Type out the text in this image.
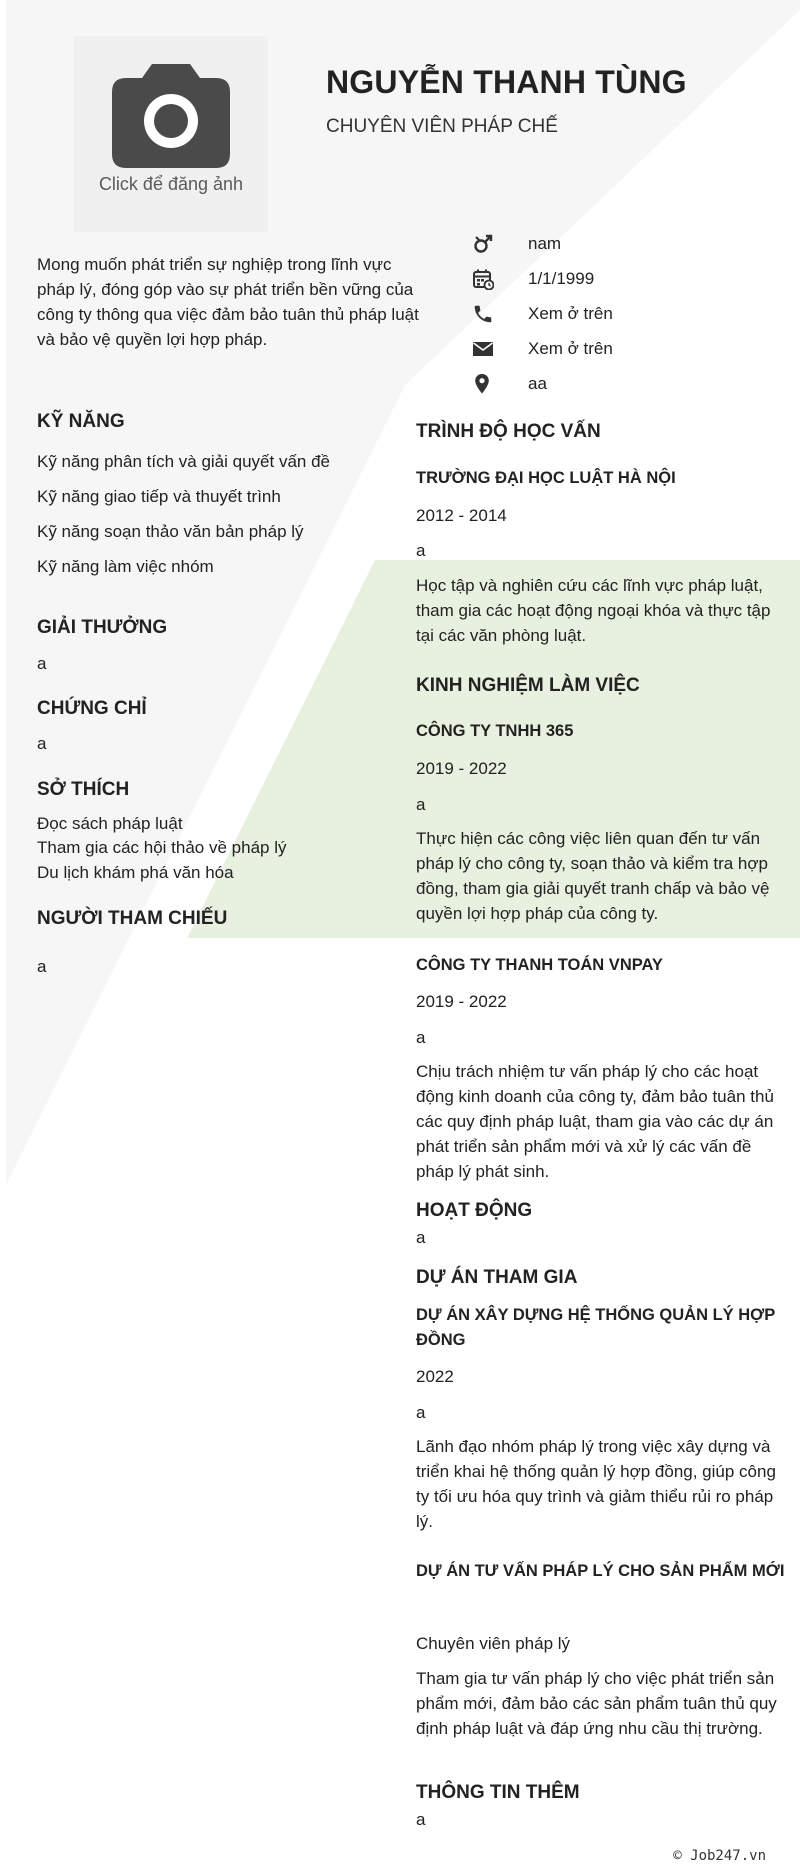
Click để đăng ảnh
NGUYỄN THANH TÙNG
CHUYÊN VIÊN PHÁP CHẾ
Mong muốn phát triển sự nghiệp trong lĩnh vực pháp lý, đóng góp vào sự phát triển bền vững của công ty thông qua việc đảm bảo tuân thủ pháp luật và bảo vệ quyền lợi hợp pháp.
nam
1/1/1999
Xem ở trên
Xem ở trên
aa
KỸ NĂNG
Kỹ năng phân tích và giải quyết vấn đề
Kỹ năng giao tiếp và thuyết trình
Kỹ năng soạn thảo văn bản pháp lý
Kỹ năng làm việc nhóm
GIẢI THƯỞNG
a
CHỨNG CHỈ
a
SỞ THÍCH
Đọc sách pháp luật
Tham gia các hội thảo về pháp lý
Du lịch khám phá văn hóa
NGƯỜI THAM CHIẾU
a
TRÌNH ĐỘ HỌC VẤN
TRƯỜNG ĐẠI HỌC LUẬT HÀ NỘI
2012 - 2014
a
Học tập và nghiên cứu các lĩnh vực pháp luật, tham gia các hoạt động ngoại khóa và thực tập tại các văn phòng luật.
KINH NGHIỆM LÀM VIỆC
CÔNG TY TNHH 365
2019 - 2022
a
Thực hiện các công việc liên quan đến tư vấn pháp lý cho công ty, soạn thảo và kiểm tra hợp đồng, tham gia giải quyết tranh chấp và bảo vệ quyền lợi hợp pháp của công ty.
CÔNG TY THANH TOÁN VNPAY
2019 - 2022
a
Chịu trách nhiệm tư vấn pháp lý cho các hoạt động kinh doanh của công ty, đảm bảo tuân thủ các quy định pháp luật, tham gia vào các dự án phát triển sản phẩm mới và xử lý các vấn đề pháp lý phát sinh.
HOẠT ĐỘNG
a
DỰ ÁN THAM GIA
DỰ ÁN XÂY DỰNG HỆ THỐNG QUẢN LÝ HỢP ĐỒNG
2022
a
Lãnh đạo nhóm pháp lý trong việc xây dựng và triển khai hệ thống quản lý hợp đồng, giúp công ty tối ưu hóa quy trình và giảm thiểu rủi ro pháp lý.
DỰ ÁN TƯ VẤN PHÁP LÝ CHO SẢN PHẨM MỚI
Chuyên viên pháp lý
Tham gia tư vấn pháp lý cho việc phát triển sản phẩm mới, đảm bảo các sản phẩm tuân thủ quy định pháp luật và đáp ứng nhu cầu thị trường.
THÔNG TIN THÊM
a
© Job247.vn
